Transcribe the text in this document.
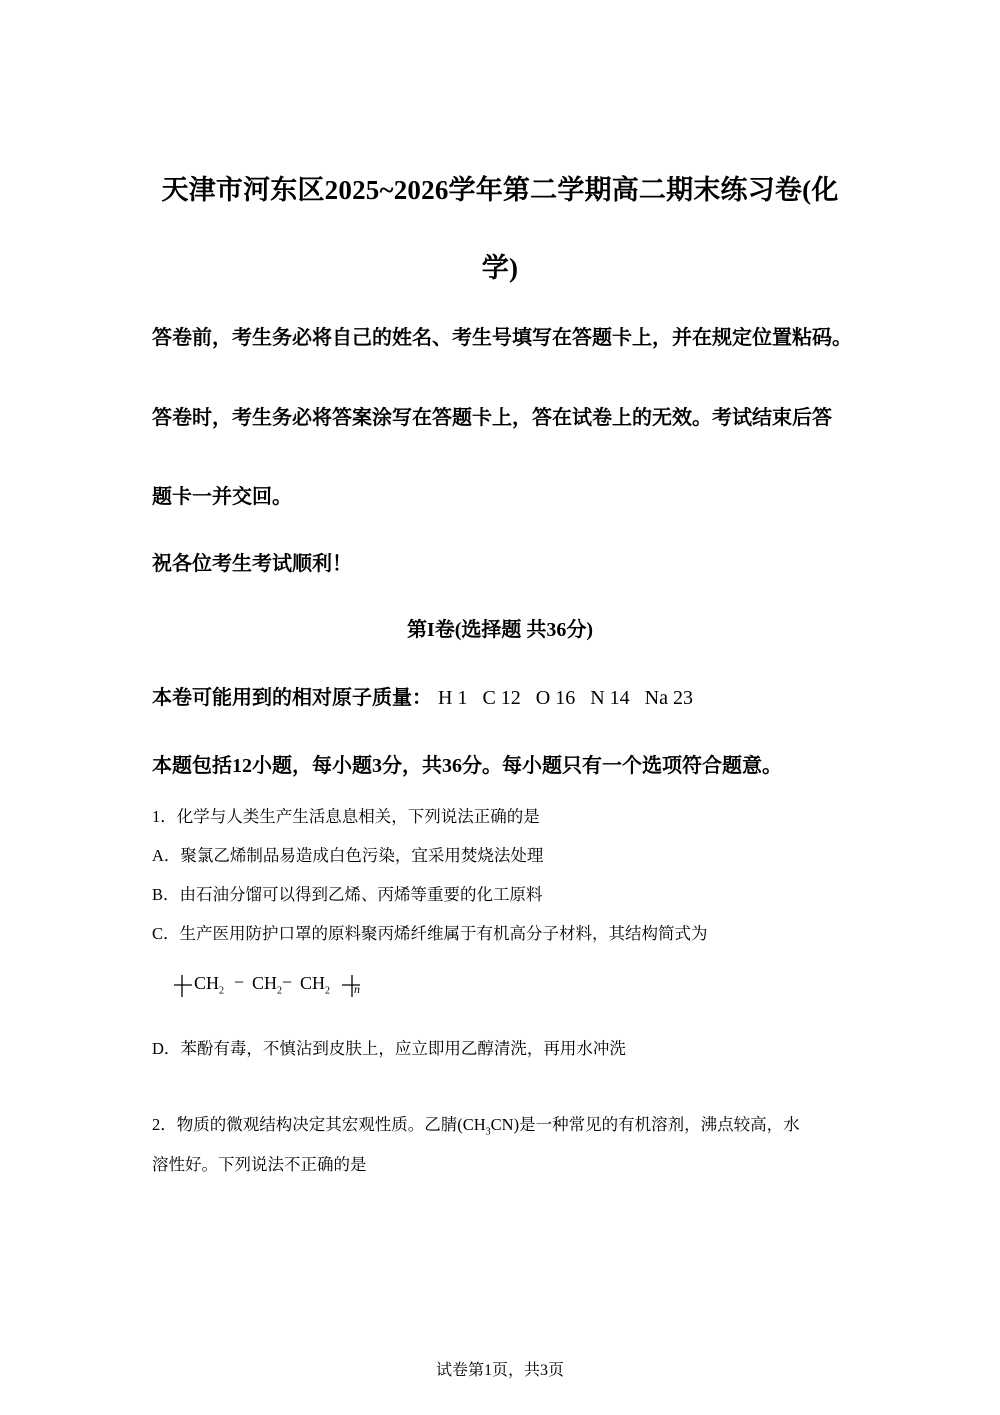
天津市河东区2025~2026学年第二学期高二期末练习卷(化
学)
答卷前，考生务必将自己的姓名、考生号填写在答题卡上，并在规定位置粘码。
答卷时，考生务必将答案涂写在答题卡上，答在试卷上的无效。考试结束后答
题卡一并交回。
祝各位考生考试顺利！
第I卷(选择题 共36分)
本卷可能用到的相对原子质量： H 1   C 12   O 16   N 14   Na 23
本题包括12小题，每小题3分，共36分。每小题只有一个选项符合题意。
1．化学与人类生产生活息息相关，下列说法正确的是
A．聚氯乙烯制品易造成白色污染，宜采用焚烧法处理
B．由石油分馏可以得到乙烯、丙烯等重要的化工原料
C．生产医用防护口罩的原料聚丙烯纤维属于有机高分子材料，其结构简式为
$CH_2 - CH_2 - CH_2$ n
D．苯酚有毒，不慎沾到皮肤上，应立即用乙醇清洗，再用水冲洗
2．物质的微观结构决定其宏观性质。乙腈$(CH_3CN)$是一种常见的有机溶剂，沸点较高，水
溶性好。下列说法不正确的是
试卷第1页，共3页
